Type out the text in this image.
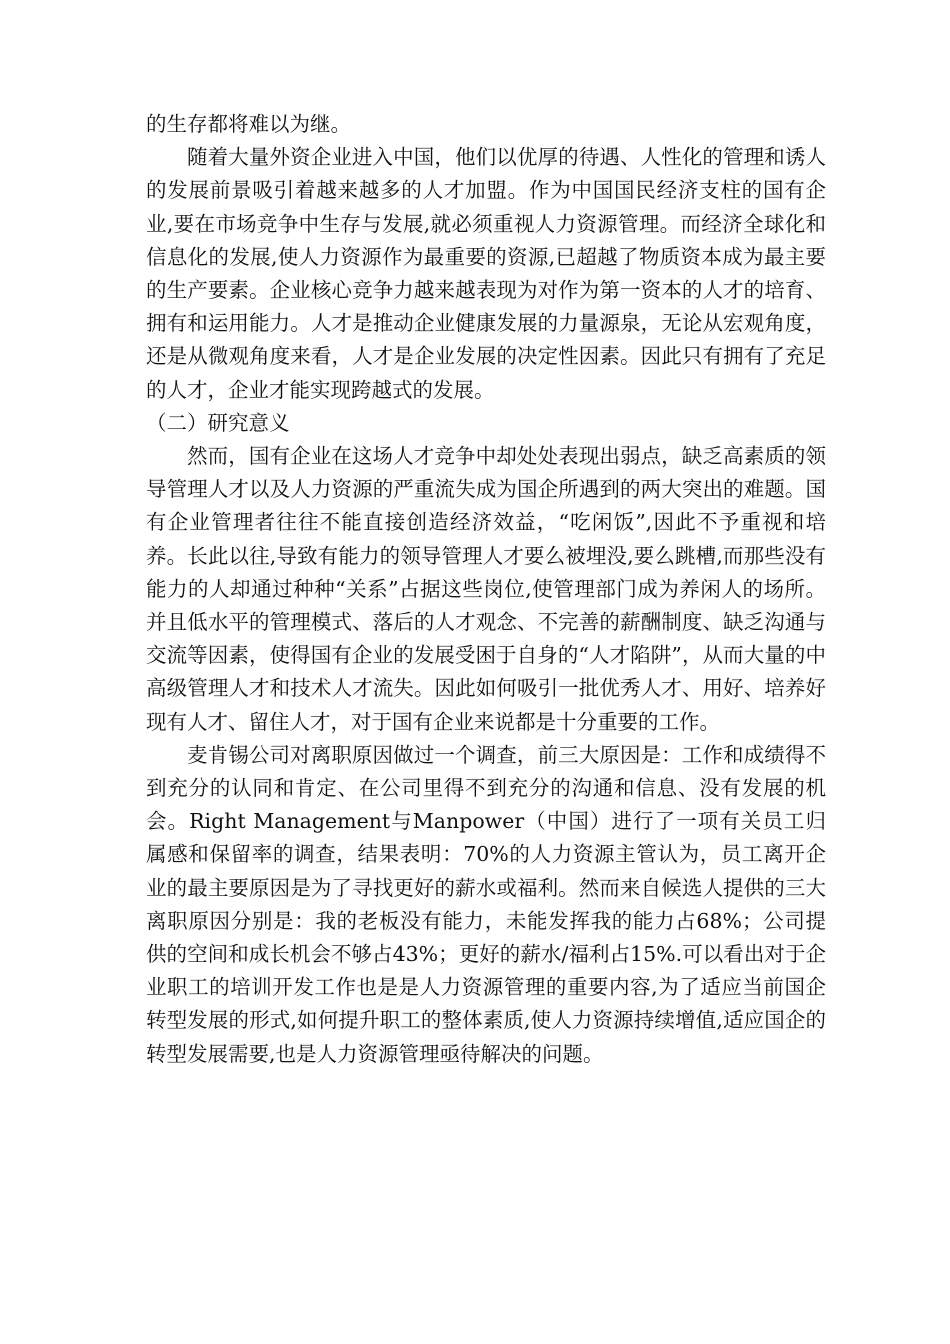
的生存都将难以为继。

随着大量外资企业进入中国，他们以优厚的待遇、人性化的管理和诱人的发展前景吸引着越来越多的人才加盟。作为中国国民经济支柱的国有企业,要在市场竞争中生存与发展,就必须重视人力资源管理。而经济全球化和信息化的发展,使人力资源作为最重要的资源,已超越了物质资本成为最主要的生产要素。企业核心竞争力越来越表现为对作为第一资本的人才的培育、拥有和运用能力。人才是推动企业健康发展的力量源泉，无论从宏观角度，还是从微观角度来看，人才是企业发展的决定性因素。因此只有拥有了充足的人才，企业才能实现跨越式的发展。

（二）研究意义

然而，国有企业在这场人才竞争中却处处表现出弱点，缺乏高素质的领导管理人才以及人力资源的严重流失成为国企所遇到的两大突出的难题。国有企业管理者往往不能直接创造经济效益，“吃闲饭”,因此不予重视和培养。长此以往,导致有能力的领导管理人才要么被埋没,要么跳槽,而那些没有能力的人却通过种种“关系”占据这些岗位,使管理部门成为养闲人的场所。 并且低水平的管理模式、落后的人才观念、不完善的薪酬制度、缺乏沟通与交流等因素，使得国有企业的发展受困于自身的“人才陷阱”，从而大量的中高级管理人才和技术人才流失。因此如何吸引一批优秀人才、用好、培养好现有人才、留住人才，对于国有企业来说都是十分重要的工作。

麦肯锡公司对离职原因做过一个调查，前三大原因是：工作和成绩得不到充分的认同和肯定、在公司里得不到充分的沟通和信息、没有发展的机会。Right Management与Manpower（中国）进行了一项有关员工归属感和保留率的调查，结果表明：70%的人力资源主管认为，员工离开企业的最主要原因是为了寻找更好的薪水或福利。然而来自候选人提供的三大离职原因分别是：我的老板没有能力，未能发挥我的能力占68%；公司提供的空间和成长机会不够占43%；更好的薪水/福利占15%.可以看出对于企业职工的培训开发工作也是是人力资源管理的重要内容,为了适应当前国企转型发展的形式,如何提升职工的整体素质,使人力资源持续增值,适应国企的转型发展需要,也是人力资源管理亟待解决的问题。
